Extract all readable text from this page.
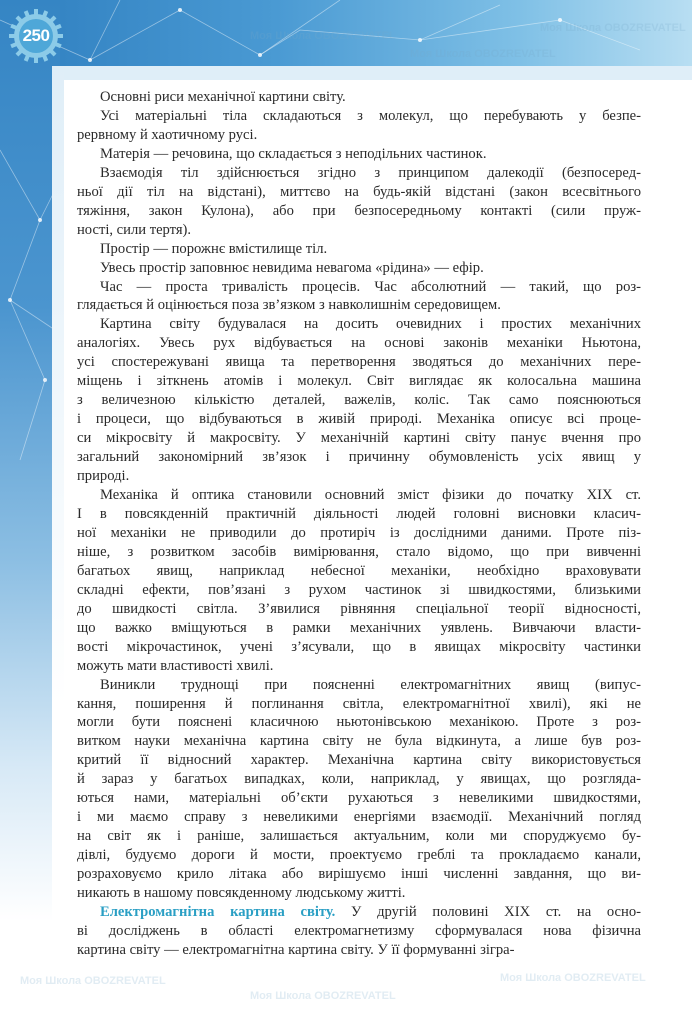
250	Моя Школа OBOZREVATEL
Моя Школа OBOZREVATEL
Моя Школа OBOZREVATEL
Моя Школа OBOZREVATEL
Моя Школа OBOZREVATEL
Моя Школа OBOZREVATEL
Основні риси механічної картини світу.
Усі матеріальні тіла складаються з молекул, що перебувають у безпе-
рервному й хаотичному русі.
Матерія — речовина, що складається з неподільних частинок.
Взаємодія тіл здійснюється згідно з принципом далекодії (безпосеред-
ньої дії тіл на відстані), миттєво на будь-якій відстані (закон всесвітнього
тяжіння, закон Кулона), або при безпосередньому контакті (сили пруж-
ності, сили тертя).
Простір — порожнє вмістилище тіл.
Увесь простір заповнює невидима невагома «рідина» — ефір.
Час — проста тривалість процесів. Час абсолютний — такий, що роз-
глядається й оцінюється поза зв’язком з навколишнім середовищем.
Картина світу будувалася на досить очевидних і простих механічних
аналогіях. Увесь рух відбувається на основі законів механіки Ньютона,
усі спостережувані явища та перетворення зводяться до механічних пере-
міщень і зіткнень атомів і молекул. Світ виглядає як колосальна машина
з величезною кількістю деталей, важелів, коліс. Так само пояснюються
і процеси, що відбуваються в живій природі. Механіка описує всі проце-
си мікросвіту й макросвіту. У механічній картині світу панує вчення про
загальний закономірний зв’язок і причинну обумовленість усіх явищ у
природі.
Механіка й оптика становили основний зміст фізики до початку XIX ст.
І в повсякденній практичній діяльності людей головні висновки класич-
ної механіки не приводили до протиріч із дослідними даними. Проте піз-
ніше, з розвитком засобів вимірювання, стало відомо, що при вивченні
багатьох явищ, наприклад небесної механіки, необхідно враховувати
складні ефекти, пов’язані з рухом частинок зі швидкостями, близькими
до швидкості світла. З’явилися рівняння спеціальної теорії відносності,
що важко вміщуються в рамки механічних уявлень. Вивчаючи власти-
вості мікрочастинок, учені з’ясували, що в явищах мікросвіту частинки
можуть мати властивості хвилі.
Виникли труднощі при поясненні електромагнітних явищ (випус-
кання, поширення й поглинання світла, електромагнітної хвилі), які не
могли бути пояснені класичною ньютонівською механікою. Проте з роз-
витком науки механічна картина світу не була відкинута, а лише був роз-
критий її відносний характер. Механічна картина світу використовується
й зараз у багатьох випадках, коли, наприклад, у явищах, що розгляда-
ються нами, матеріальні об’єкти рухаються з невеликими швидкостями,
і ми маємо справу з невеликими енергіями взаємодії. Механічний погляд
на світ як і раніше, залишається актуальним, коли ми споруджуємо бу-
дівлі, будуємо дороги й мости, проектуємо греблі та прокладаємо канали,
розраховуємо крило літака або вирішуємо інші численні завдання, що ви-
никають в нашому повсякденному людському житті.
Електромагнітна картина світу. У другій половині XIX ст. на осно-
ві досліджень в області електромагнетизму сформувалася нова фізична
картина світу — електромагнітна картина світу. У її формуванні зігра-
